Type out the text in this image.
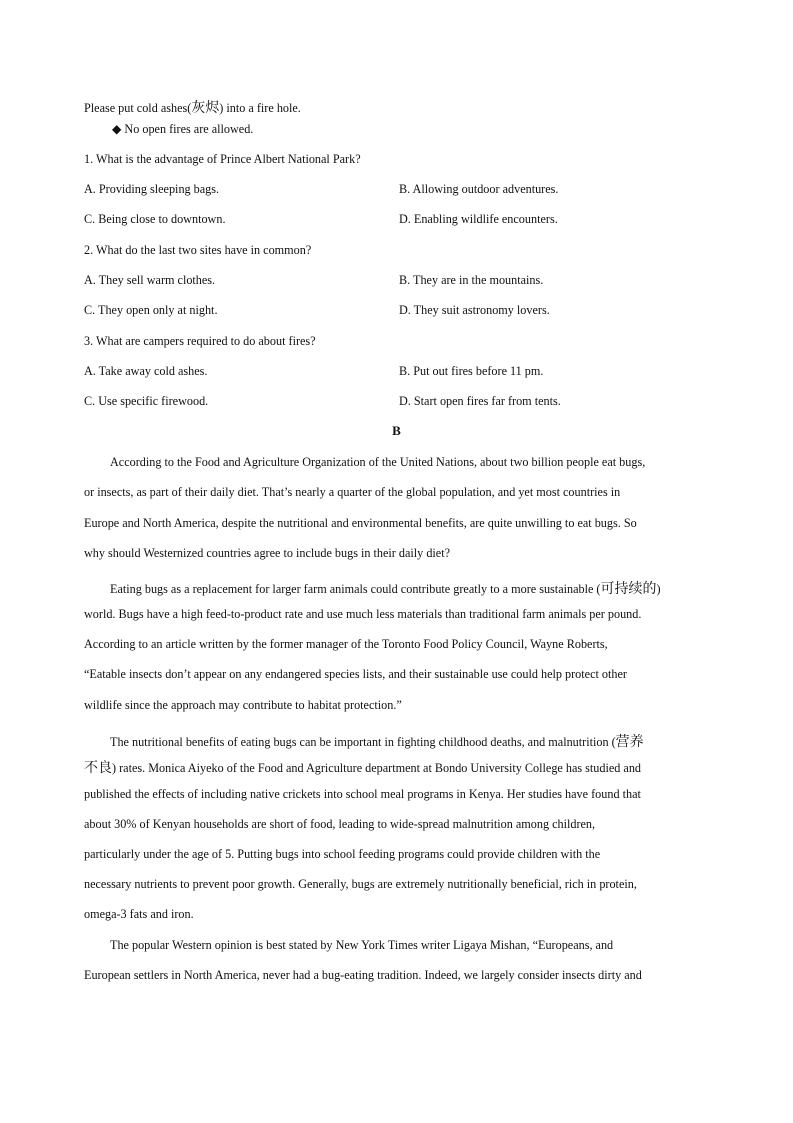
Please put cold ashes(灰烬) into a fire hole.
◆ No open fires are allowed.
1. What is the advantage of Prince Albert National Park?
A. Providing sleeping bags.	B. Allowing outdoor adventures.
C. Being close to downtown.	D. Enabling wildlife encounters.
2. What do the last two sites have in common?
A. They sell warm clothes.	B. They are in the mountains.
C. They open only at night.	D. They suit astronomy lovers.
3. What are campers required to do about fires?
A. Take away cold ashes.	B. Put out fires before 11 pm.
C. Use specific firewood.	D. Start open fires far from tents.
B
According to the Food and Agriculture Organization of the United Nations, about two billion people eat bugs,
or insects, as part of their daily diet. That’s nearly a quarter of the global population, and yet most countries in
Europe and North America, despite the nutritional and environmental benefits, are quite unwilling to eat bugs. So
why should Westernized countries agree to include bugs in their daily diet?
Eating bugs as a replacement for larger farm animals could contribute greatly to a more sustainable (可持续的)
world. Bugs have a high feed-to-product rate and use much less materials than traditional farm animals per pound.
According to an article written by the former manager of the Toronto Food Policy Council, Wayne Roberts,
“Eatable insects don’t appear on any endangered species lists, and their sustainable use could help protect other
wildlife since the approach may contribute to habitat protection.”
The nutritional benefits of eating bugs can be important in fighting childhood deaths, and malnutrition (营养
不良) rates. Monica Aiyeko of the Food and Agriculture department at Bondo University College has studied and
published the effects of including native crickets into school meal programs in Kenya. Her studies have found that
about 30% of Kenyan households are short of food, leading to wide-spread malnutrition among children,
particularly under the age of 5. Putting bugs into school feeding programs could provide children with the
necessary nutrients to prevent poor growth. Generally, bugs are extremely nutritionally beneficial, rich in protein,
omega-3 fats and iron.
The popular Western opinion is best stated by New York Times writer Ligaya Mishan, “Europeans, and
European settlers in North America, never had a bug-eating tradition. Indeed, we largely consider insects dirty and
